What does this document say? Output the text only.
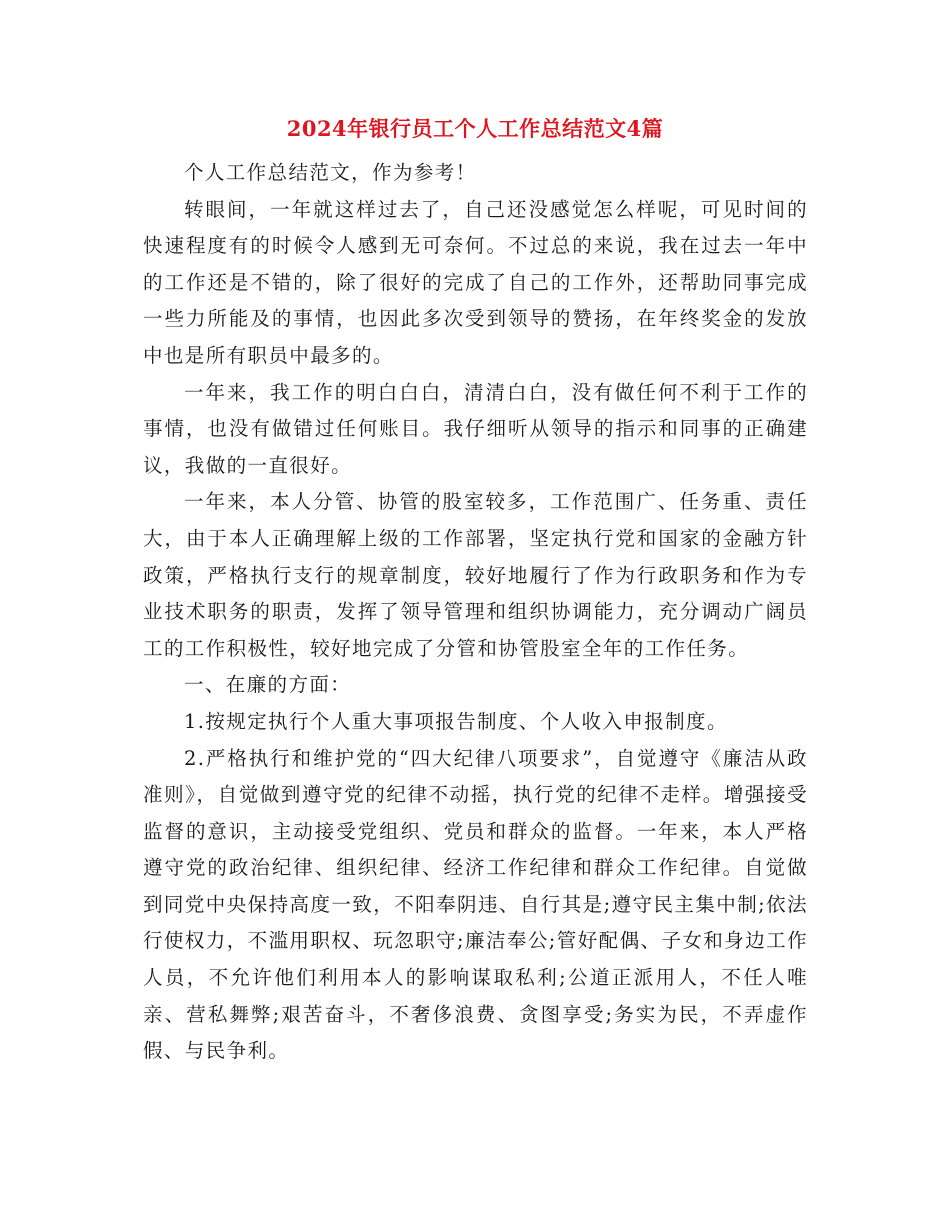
2024年银行员工个人工作总结范文4篇

个人工作总结范文，作为参考！

转眼间，一年就这样过去了，自己还没感觉怎么样呢，可见时间的快速程度有的时候令人感到无可奈何。不过总的来说，我在过去一年中的工作还是不错的，除了很好的完成了自己的工作外，还帮助同事完成一些力所能及的事情，也因此多次受到领导的赞扬，在年终奖金的发放中也是所有职员中最多的。

一年来，我工作的明白白白，清清白白，没有做任何不利于工作的事情，也没有做错过任何账目。我仔细听从领导的指示和同事的正确建议，我做的一直很好。

一年来，本人分管、协管的股室较多，工作范围广、任务重、责任大，由于本人正确理解上级的工作部署，坚定执行党和国家的金融方针政策，严格执行支行的规章制度，较好地履行了作为行政职务和作为专业技术职务的职责，发挥了领导管理和组织协调能力，充分调动广阔员工的工作积极性，较好地完成了分管和协管股室全年的工作任务。

一、在廉的方面：

1.按规定执行个人重大事项报告制度、个人收入申报制度。

2.严格执行和维护党的“四大纪律八项要求”，自觉遵守《廉洁从政准则》，自觉做到遵守党的纪律不动摇，执行党的纪律不走样。增强接受监督的意识，主动接受党组织、党员和群众的监督。一年来，本人严格遵守党的政治纪律、组织纪律、经济工作纪律和群众工作纪律。自觉做到同党中央保持高度一致，不阳奉阴违、自行其是;遵守民主集中制;依法行使权力，不滥用职权、玩忽职守;廉洁奉公;管好配偶、子女和身边工作人员，不允许他们利用本人的影响谋取私利;公道正派用人，不任人唯亲、营私舞弊;艰苦奋斗，不奢侈浪费、贪图享受;务实为民，不弄虚作假、与民争利。
